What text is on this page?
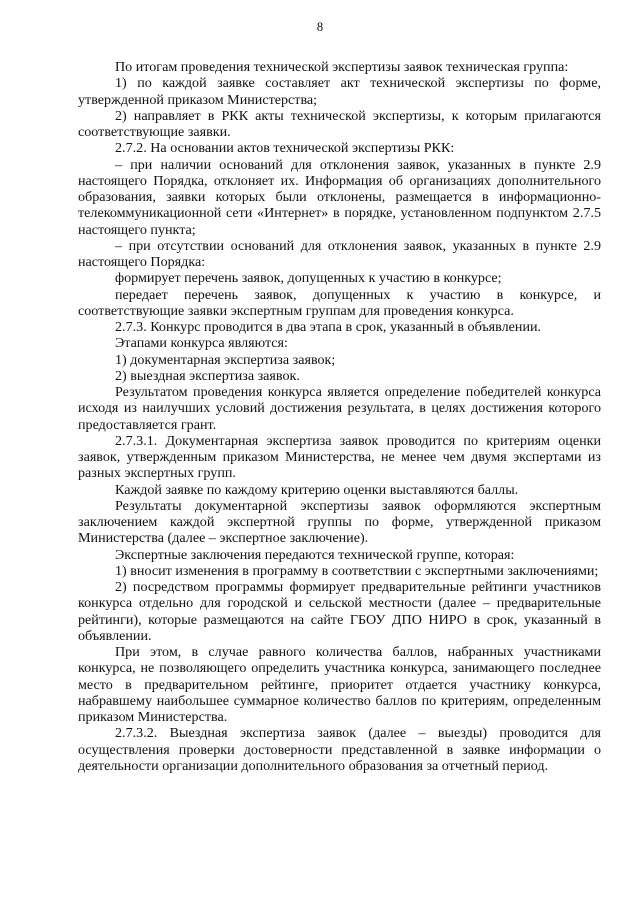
8

По итогам проведения технической экспертизы заявок техническая группа:

1) по каждой заявке составляет акт технической экспертизы по форме, утвержденной приказом Министерства;

2) направляет в РКК акты технической экспертизы, к которым прилагаются соответствующие заявки.

2.7.2. На основании актов технической экспертизы РКК:

– при наличии оснований для отклонения заявок, указанных в пункте 2.9 настоящего Порядка, отклоняет их. Информация об организациях дополнительного образования, заявки которых были отклонены, размещается в информационно-телекоммуникационной сети «Интернет» в порядке, установленном подпунктом 2.7.5 настоящего пункта;

– при отсутствии оснований для отклонения заявок, указанных в пункте 2.9 настоящего Порядка:

формирует перечень заявок, допущенных к участию в конкурсе;

передает перечень заявок, допущенных к участию в конкурсе, и соответствующие заявки экспертным группам для проведения конкурса.

2.7.3. Конкурс проводится в два этапа в срок, указанный в объявлении.

Этапами конкурса являются:

1) документарная экспертиза заявок;

2) выездная экспертиза заявок.

Результатом проведения конкурса является определение победителей конкурса исходя из наилучших условий достижения результата, в целях достижения которого предоставляется грант.

2.7.3.1. Документарная экспертиза заявок проводится по критериям оценки заявок, утвержденным приказом Министерства, не менее чем двумя экспертами из разных экспертных групп.

Каждой заявке по каждому критерию оценки выставляются баллы.

Результаты документарной экспертизы заявок оформляются экспертным заключением каждой экспертной группы по форме, утвержденной приказом Министерства (далее – экспертное заключение).

Экспертные заключения передаются технической группе, которая:

1) вносит изменения в программу в соответствии с экспертными заключениями;

2) посредством программы формирует предварительные рейтинги участников конкурса отдельно для городской и сельской местности (далее – предварительные рейтинги), которые размещаются на сайте ГБОУ ДПО НИРО в срок, указанный в объявлении.

При этом, в случае равного количества баллов, набранных участниками конкурса, не позволяющего определить участника конкурса, занимающего последнее место в предварительном рейтинге, приоритет отдается участнику конкурса, набравшему наибольшее суммарное количество баллов по критериям, определенным приказом Министерства.

2.7.3.2. Выездная экспертиза заявок (далее – выезды) проводится для осуществления проверки достоверности представленной в заявке информации о деятельности организации дополнительного образования за отчетный период.
